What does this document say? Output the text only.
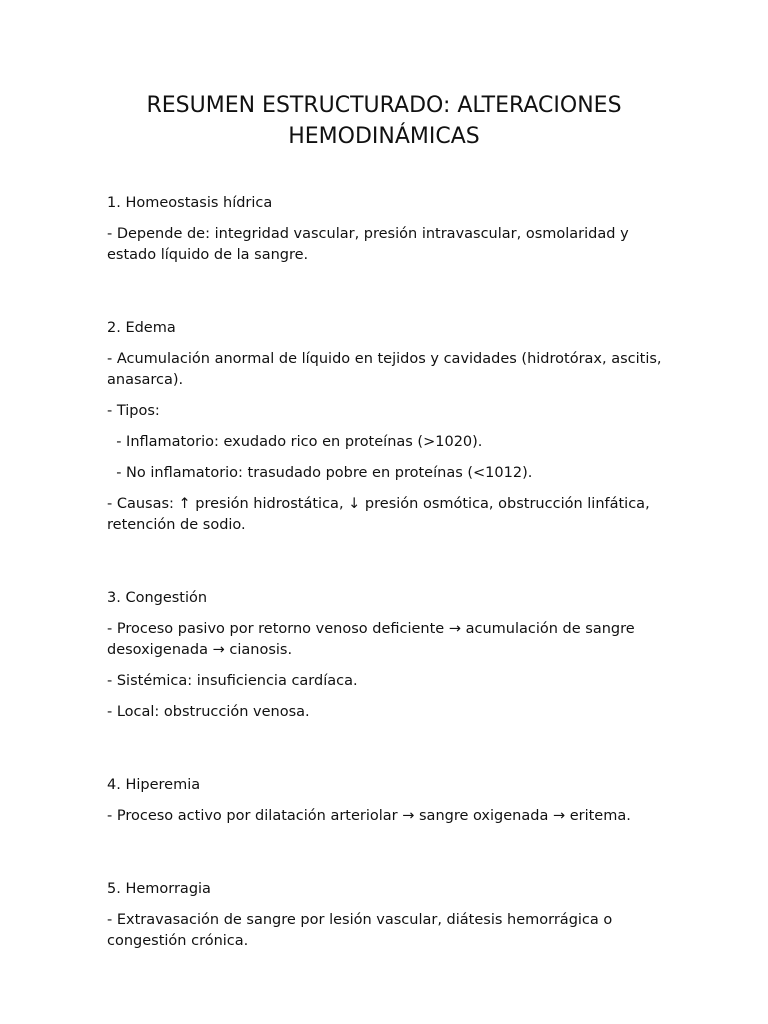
RESUMEN ESTRUCTURADO: ALTERACIONES
HEMODINÁMICAS
1. Homeostasis hídrica
- Depende de: integridad vascular, presión intravascular, osmolaridad y estado líquido de la sangre.
2. Edema
- Acumulación anormal de líquido en tejidos y cavidades (hidrotórax, ascitis, anasarca).
- Tipos:
- Inflamatorio: exudado rico en proteínas (>1020).
- No inflamatorio: trasudado pobre en proteínas (<1012).
- Causas: ↑ presión hidrostática, ↓ presión osmótica, obstrucción linfática, retención de sodio.
3. Congestión
- Proceso pasivo por retorno venoso deficiente → acumulación de sangre desoxigenada → cianosis.
- Sistémica: insuficiencia cardíaca.
- Local: obstrucción venosa.
4. Hiperemia
- Proceso activo por dilatación arteriolar → sangre oxigenada → eritema.
5. Hemorragia
- Extravasación de sangre por lesión vascular, diátesis hemorrágica o congestión crónica.
